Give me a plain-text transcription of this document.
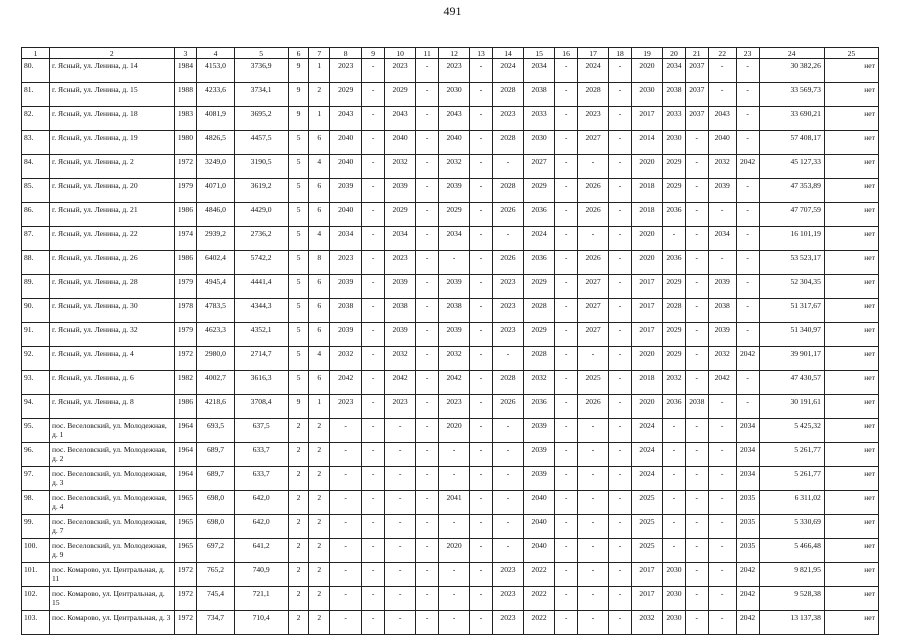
491
1	2	3	4	5	6	7	8	9	10	11	12	13	14	15	16	17	18	19	20	21	22	23	24	25
80.	г. Ясный, ул. Ленина, д. 14	1984	4153,0	3736,9	9	1	2023	-	2023	-	2023	-	2024	2034	-	2024	-	2020	2034	2037	-	-	30 382,26	нет
81.	г. Ясный, ул. Ленина, д. 15	1988	4233,6	3734,1	9	2	2029	-	2029	-	2030	-	2028	2038	-	2028	-	2030	2038	2037	-	-	33 569,73	нет
82.	г. Ясный, ул. Ленина, д. 18	1983	4081,9	3695,2	9	1	2043	-	2043	-	2043	-	2023	2033	-	2023	-	2017	2033	2037	2043	-	33 690,21	нет
83.	г. Ясный, ул. Ленина, д. 19	1980	4826,5	4457,5	5	6	2040	-	2040	-	2040	-	2028	2030	-	2027	-	2014	2030	-	2040	-	57 408,17	нет
84.	г. Ясный, ул. Ленина, д. 2	1972	3249,0	3190,5	5	4	2040	-	2032	-	2032	-	-	2027	-	-	-	2020	2029	-	2032	2042	45 127,33	нет
85.	г. Ясный, ул. Ленина, д. 20	1979	4071,0	3619,2	5	6	2039	-	2039	-	2039	-	2028	2029	-	2026	-	2018	2029	-	2039	-	47 353,89	нет
86.	г. Ясный, ул. Ленина, д. 21	1986	4846,0	4429,0	5	6	2040	-	2029	-	2029	-	2026	2036	-	2026	-	2018	2036	-	-	-	47 707,59	нет
87.	г. Ясный, ул. Ленина, д. 22	1974	2939,2	2736,2	5	4	2034	-	2034	-	2034	-	-	2024	-	-	-	2020	-	-	2034	-	16 101,19	нет
88.	г. Ясный, ул. Ленина, д. 26	1986	6402,4	5742,2	5	8	2023	-	2023	-	-	-	2026	2036	-	2026	-	2020	2036	-	-	-	53 523,17	нет
89.	г. Ясный, ул. Ленина, д. 28	1979	4945,4	4441,4	5	6	2039	-	2039	-	2039	-	2023	2029	-	2027	-	2017	2029	-	2039	-	52 304,35	нет
90.	г. Ясный, ул. Ленина, д. 30	1978	4783,5	4344,3	5	6	2038	-	2038	-	2038	-	2023	2028	-	2027	-	2017	2028	-	2038	-	51 317,67	нет
91.	г. Ясный, ул. Ленина, д. 32	1979	4623,3	4352,1	5	6	2039	-	2039	-	2039	-	2023	2029	-	2027	-	2017	2029	-	2039	-	51 340,97	нет
92.	г. Ясный, ул. Ленина, д. 4	1972	2980,0	2714,7	5	4	2032	-	2032	-	2032	-	-	2028	-	-	-	2020	2029	-	2032	2042	39 901,17	нет
93.	г. Ясный, ул. Ленина, д. 6	1982	4002,7	3616,3	5	6	2042	-	2042	-	2042	-	2028	2032	-	2025	-	2018	2032	-	2042	-	47 430,57	нет
94.	г. Ясный, ул. Ленина, д. 8	1986	4218,6	3708,4	9	1	2023	-	2023	-	2023	-	2026	2036	-	2026	-	2020	2036	2038	-	-	30 191,61	нет
95.	пос. Веселовский, ул. Молодежная, д. 1	1964	693,5	637,5	2	2	-	-	-	-	2020	-	-	2039	-	-	-	2024	-	-	-	2034	5 425,32	нет
96.	пос. Веселовский, ул. Молодежная, д. 2	1964	689,7	633,7	2	2	-	-	-	-	-	-	-	2039	-	-	-	2024	-	-	-	2034	5 261,77	нет
97.	пос. Веселовский, ул. Молодежная, д. 3	1964	689,7	633,7	2	2	-	-	-	-	-	-	-	2039	-	-	-	2024	-	-	-	2034	5 261,77	нет
98.	пос. Веселовский, ул. Молодежная, д. 4	1965	698,0	642,0	2	2	-	-	-	-	2041	-	-	2040	-	-	-	2025	-	-	-	2035	6 311,02	нет
99.	пос. Веселовский, ул. Молодежная, д. 7	1965	698,0	642,0	2	2	-	-	-	-	-	-	-	2040	-	-	-	2025	-	-	-	2035	5 330,69	нет
100.	пос. Веселовский, ул. Молодежная, д. 9	1965	697,2	641,2	2	2	-	-	-	-	2020	-	-	2040	-	-	-	2025	-	-	-	2035	5 466,48	нет
101.	пос. Комарово, ул. Центральная, д. 11	1972	765,2	740,9	2	2	-	-	-	-	-	-	2023	2022	-	-	-	2017	2030	-	-	2042	9 821,95	нет
102.	пос. Комарово, ул. Центральная, д. 15	1972	745,4	721,1	2	2	-	-	-	-	-	-	2023	2022	-	-	-	2017	2030	-	-	2042	9 528,38	нет
103.	пос. Комарово, ул. Центральная, д. 3	1972	734,7	710,4	2	2	-	-	-	-	-	-	2023	2022	-	-	-	2032	2030	-	-	2042	13 137,38	нет
